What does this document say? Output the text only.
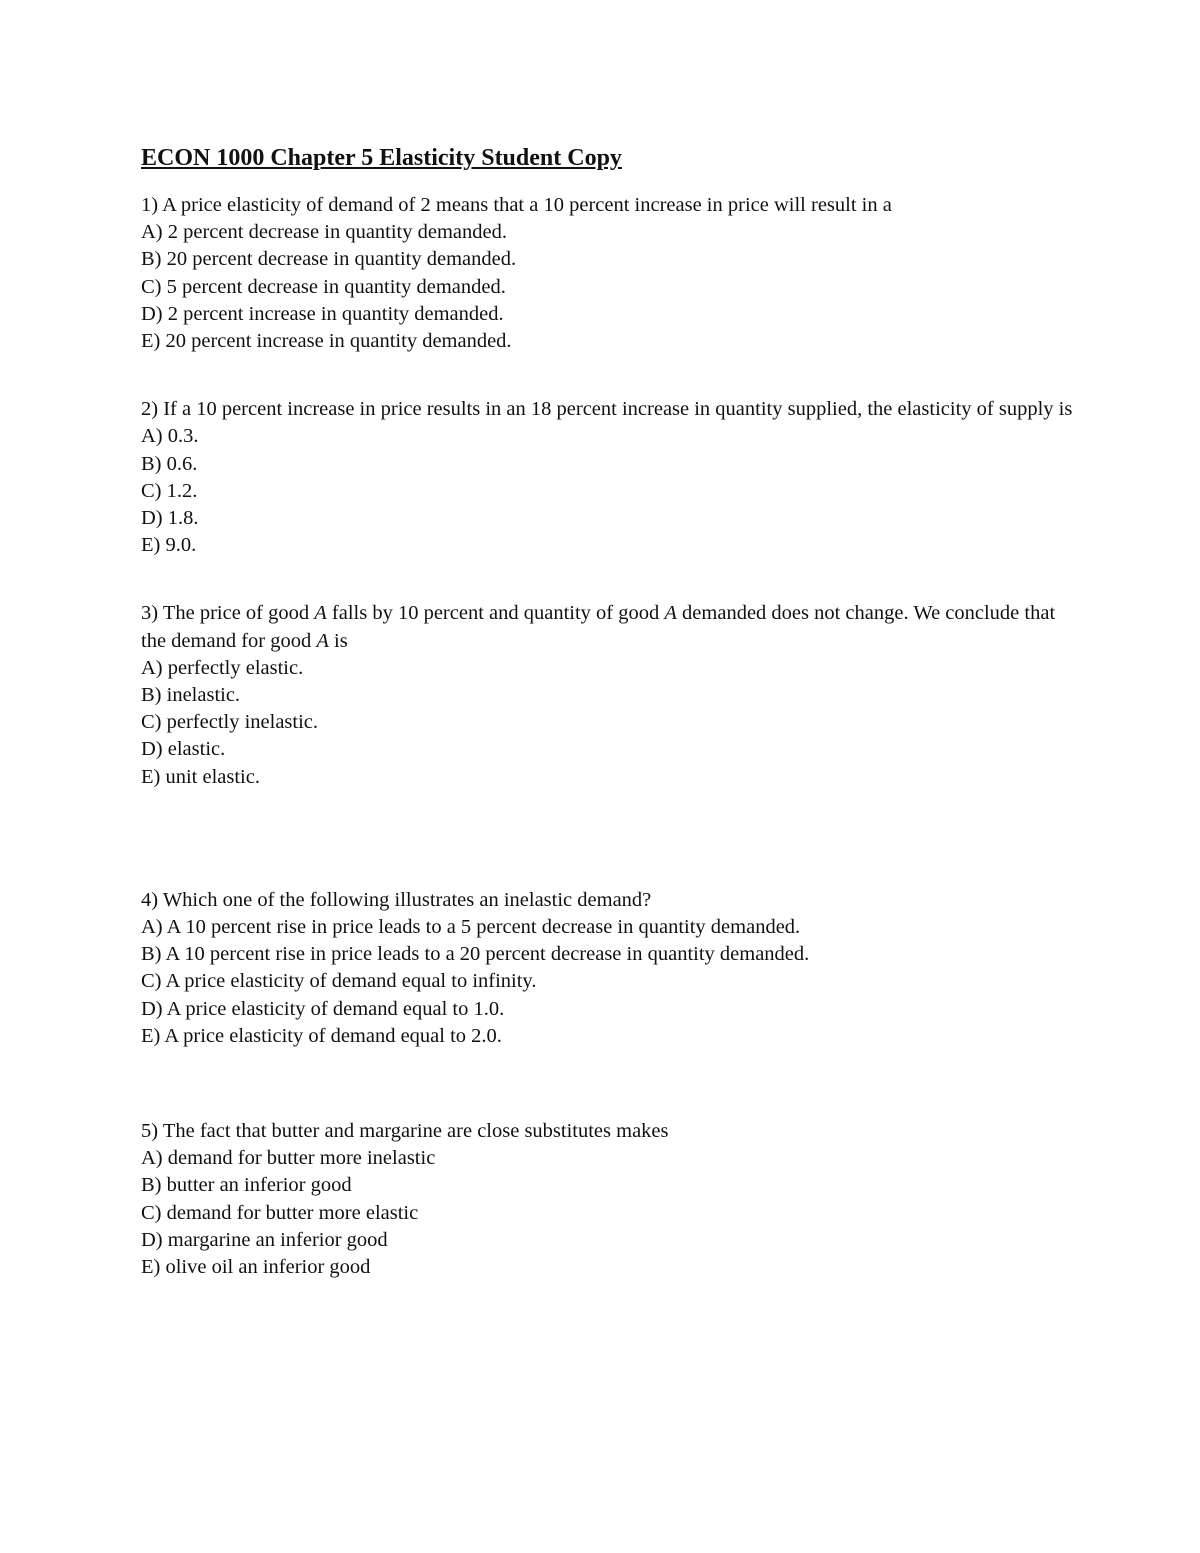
ECON 1000 Chapter 5 Elasticity Student Copy

1) A price elasticity of demand of 2 means that a 10 percent increase in price will result in a

A) 2 percent decrease in quantity demanded.
B) 20 percent decrease in quantity demanded.
C) 5 percent decrease in quantity demanded.
D) 2 percent increase in quantity demanded.
E) 20 percent increase in quantity demanded.

2) If a 10 percent increase in price results in an 18 percent increase in quantity supplied, the elasticity of supply is

A) 0.3.
B) 0.6.
C) 1.2.
D) 1.8.
E) 9.0.

3) The price of good A falls by 10 percent and quantity of good A demanded does not change. We conclude that the demand for good A is

A) perfectly elastic.
B) inelastic.
C) perfectly inelastic.
D) elastic.
E) unit elastic.

4) Which one of the following illustrates an inelastic demand?

A) A 10 percent rise in price leads to a 5 percent decrease in quantity demanded.
B) A 10 percent rise in price leads to a 20 percent decrease in quantity demanded.
C) A price elasticity of demand equal to infinity.
D) A price elasticity of demand equal to 1.0.
E) A price elasticity of demand equal to 2.0.

5) The fact that butter and margarine are close substitutes makes

A) demand for butter more inelastic
B) butter an inferior good
C) demand for butter more elastic
D) margarine an inferior good
E) olive oil an inferior good
